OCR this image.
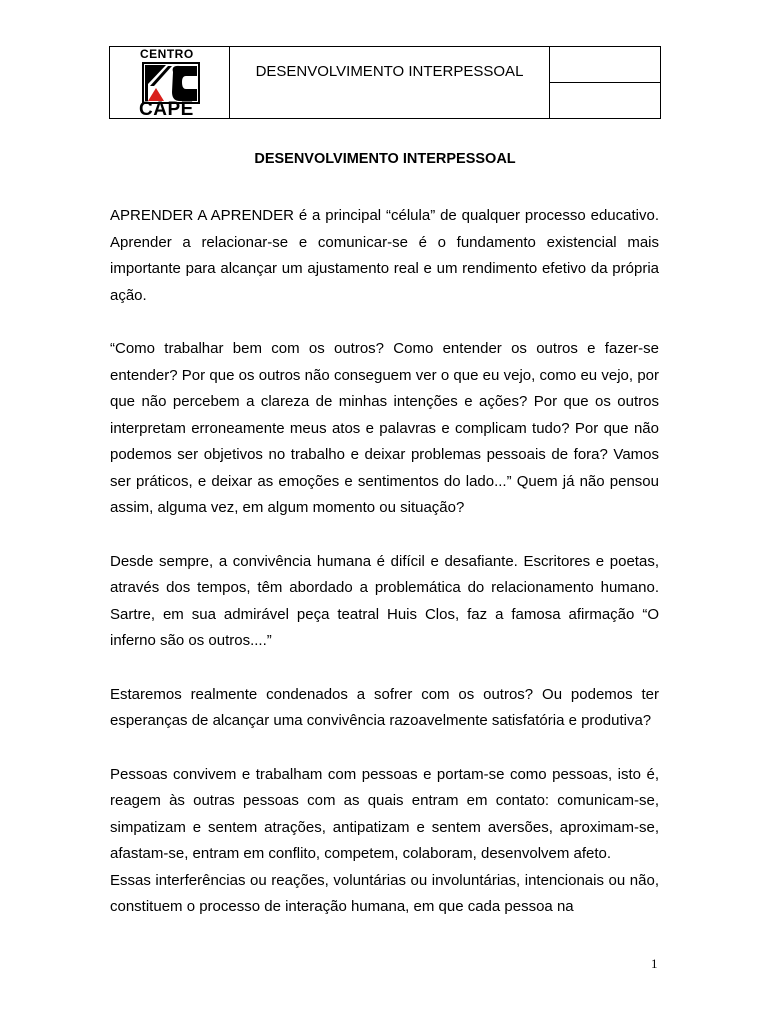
CENTRO
CAPE
	DESENVOLVIMENTO INTERPESSOAL	

DESENVOLVIMENTO INTERPESSOAL

APRENDER A APRENDER é a principal “célula” de qualquer processo educativo. Aprender a relacionar-se e comunicar-se é o fundamento existencial mais importante para alcançar um ajustamento real e um rendimento efetivo da própria ação.

“Como trabalhar bem com os outros? Como entender os outros e fazer-se entender? Por que os outros não conseguem ver o que eu vejo, como eu vejo, por que não percebem a clareza de minhas intenções e ações? Por que os outros interpretam erroneamente meus atos e palavras e complicam tudo? Por que não podemos ser objetivos no trabalho e deixar problemas pessoais de fora? Vamos ser práticos, e deixar as emoções e sentimentos do lado...” Quem já não pensou assim, alguma vez, em algum momento ou situação?

Desde sempre, a convivência humana é difícil e desafiante. Escritores e poetas, através dos tempos, têm abordado a problemática do relacionamento humano. Sartre, em sua admirável peça teatral Huis Clos, faz a famosa afirmação “O inferno são os outros....”

Estaremos realmente condenados a sofrer com os outros? Ou podemos ter esperanças de alcançar uma convivência razoavelmente satisfatória e produtiva?

Pessoas convivem e trabalham com pessoas e portam-se como pessoas, isto é, reagem às outras pessoas com as quais entram em contato: comunicam-se, simpatizam e sentem atrações, antipatizam e sentem aversões, aproximam-se, afastam-se, entram em conflito, competem, colaboram, desenvolvem afeto.

Essas interferências ou reações, voluntárias ou involuntárias, intencionais ou não, constituem o processo de interação humana, em que cada pessoa na

1
